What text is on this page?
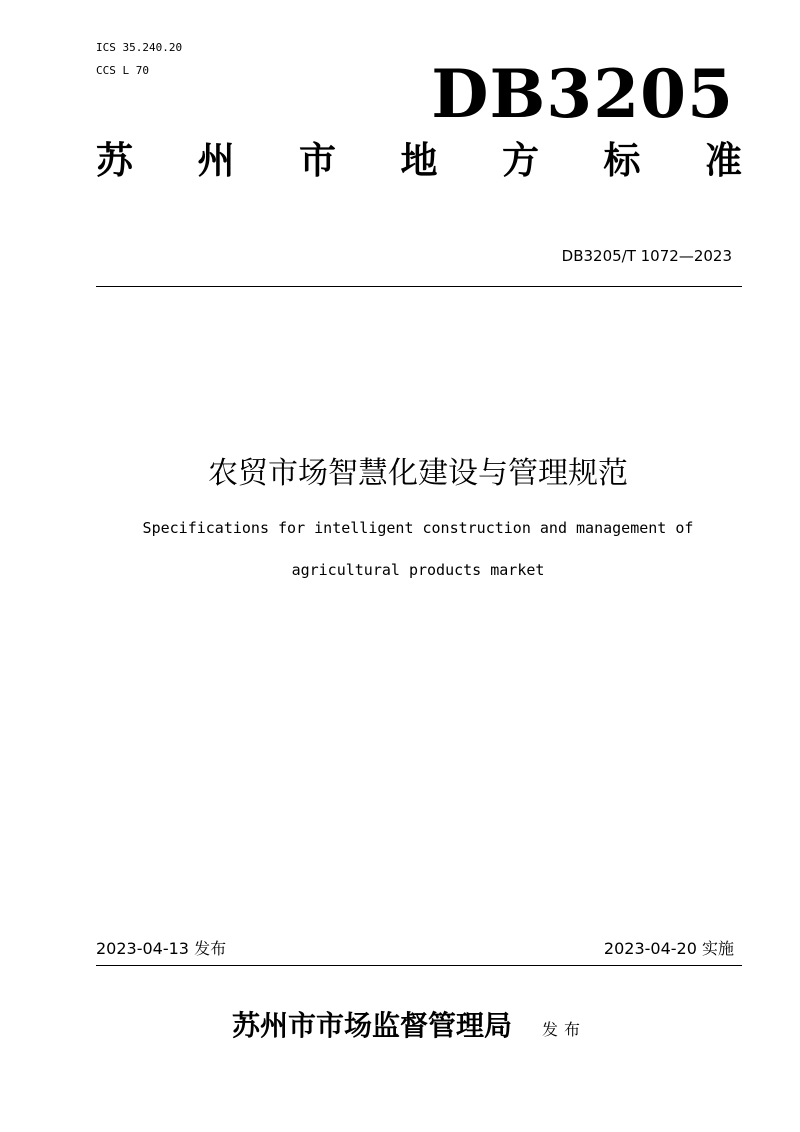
ICS 35.240.20
CCS L 70	DB3205
苏 州 市 地 方 标 准
DB3205/T 1072—2023
农贸市场智慧化建设与管理规范
Specifications for intelligent construction and management of
agricultural products market
2023-04-13 发布	2023-04-20 实施
苏州市市场监督管理局 发布
